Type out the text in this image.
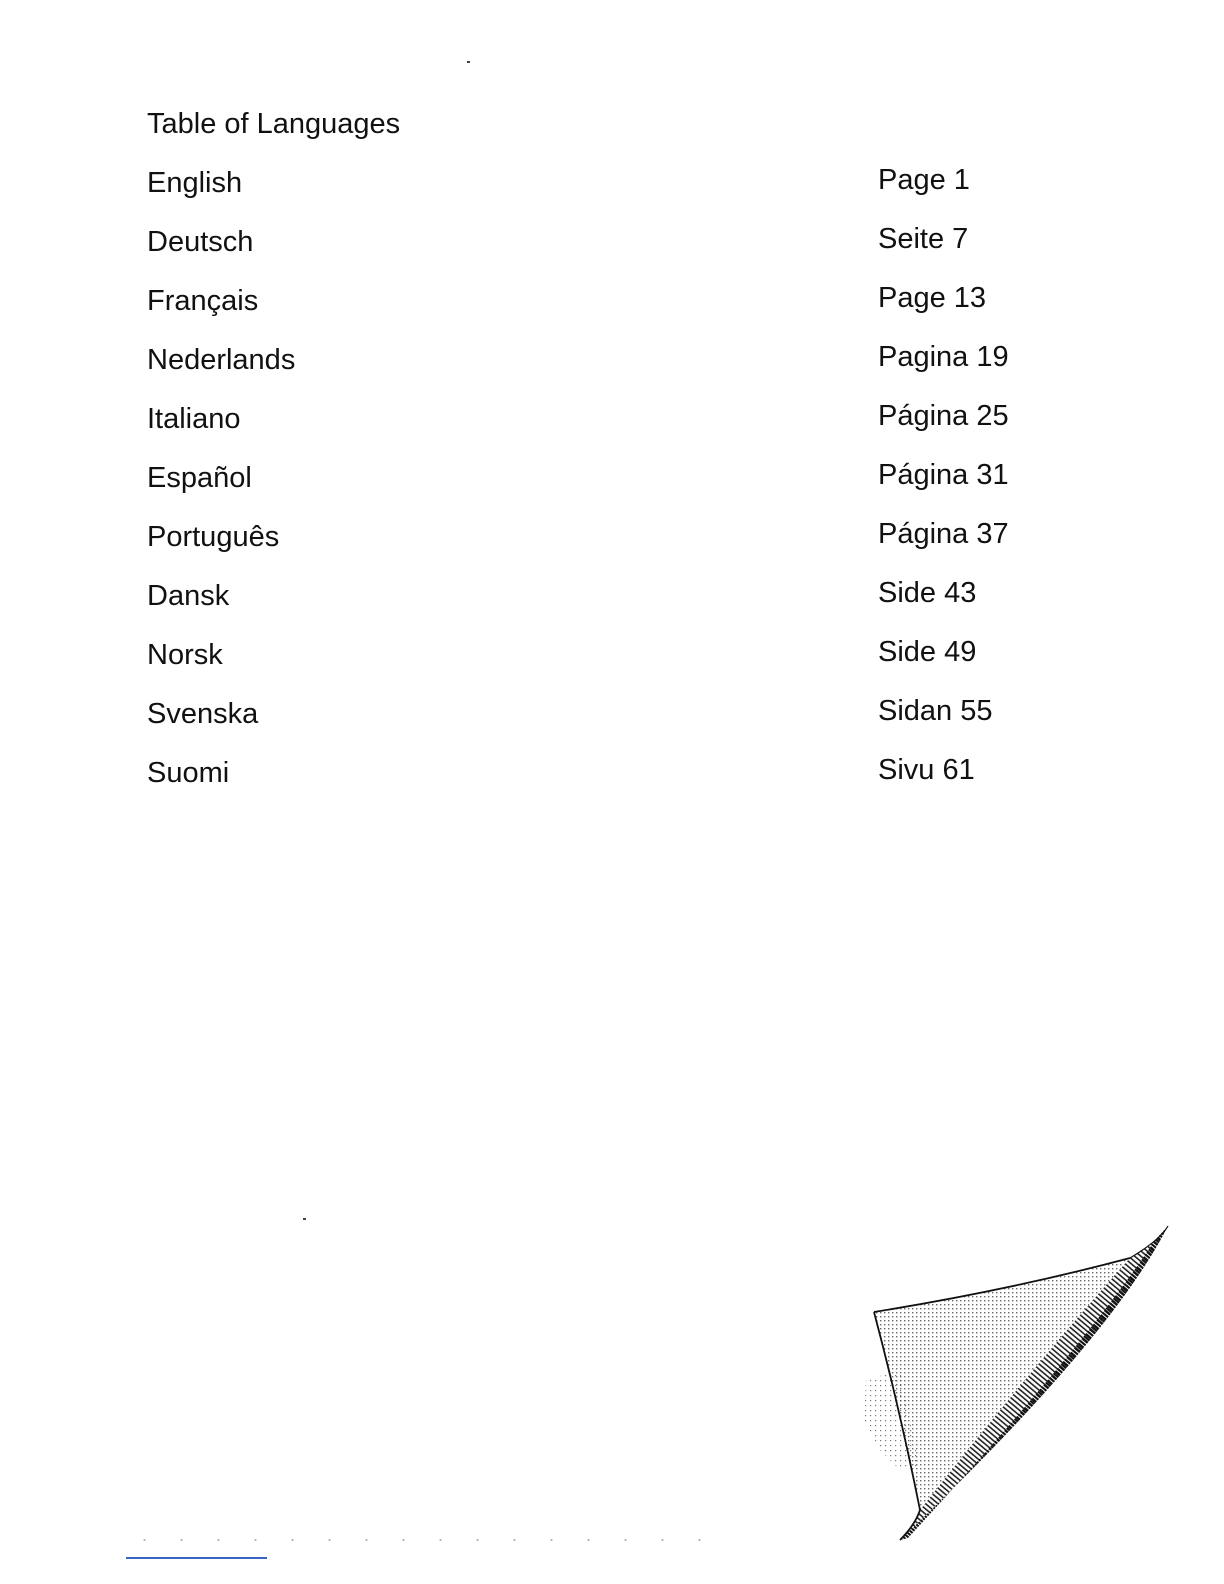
Table of Languages
English	Page 1
Deutsch	Seite 7
Français	Page 13
Nederlands	Pagina 19
Italiano	Página 25
Español	Página 31
Português	Página 37
Dansk	Side 43
Norsk	Side 49
Svenska	Sidan 55
Suomi	Sivu 61
